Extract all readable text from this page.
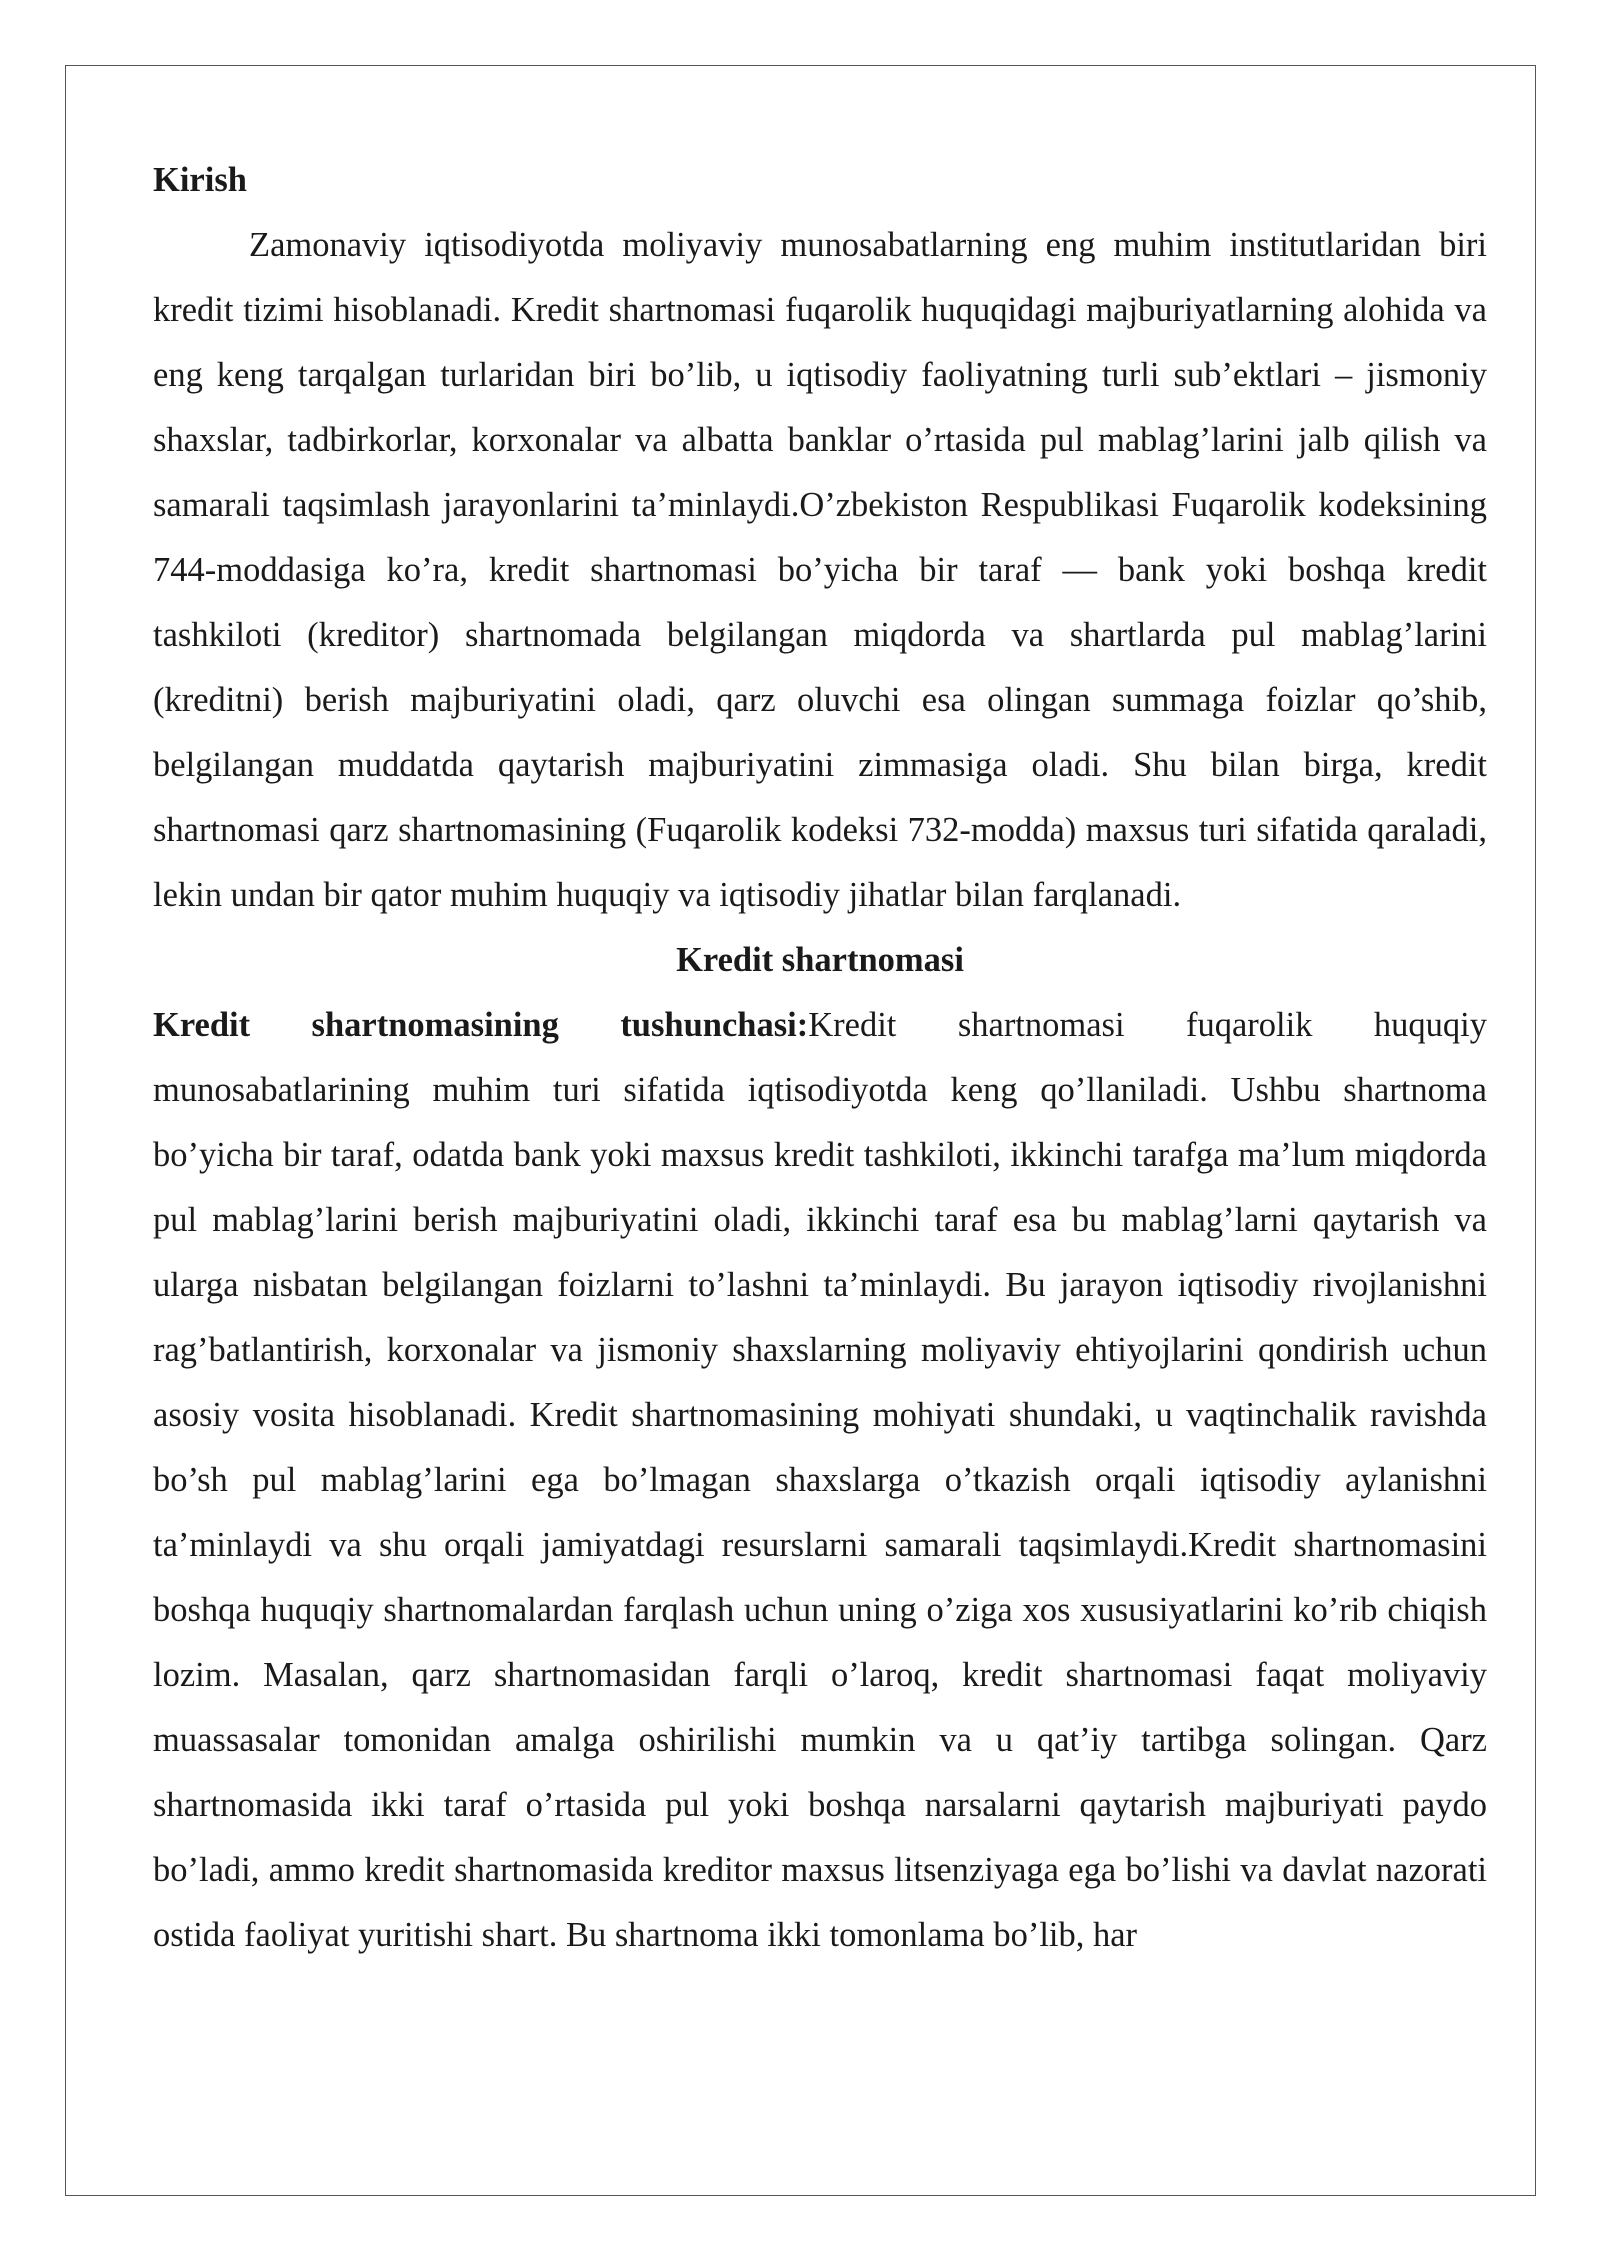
Kirish

Zamonaviy iqtisodiyotda moliyaviy munosabatlarning eng muhim institutlaridan biri kredit tizimi hisoblanadi. Kredit shartnomasi fuqarolik huquqidagi majburiyatlarning alohida va eng keng tarqalgan turlaridan biri bo’lib, u iqtisodiy faoliyatning turli sub’ektlari – jismoniy shaxslar, tadbirkorlar, korxonalar va albatta banklar o’rtasida pul mablag’larini jalb qilish va samarali taqsimlash jarayonlarini ta’minlaydi.O’zbekiston Respublikasi Fuqarolik kodeksining 744-moddasiga ko’ra, kredit shartnomasi bo’yicha bir taraf — bank yoki boshqa kredit tashkiloti (kreditor) shartnomada belgilangan miqdorda va shartlarda pul mablag’larini (kreditni) berish majburiyatini oladi, qarz oluvchi esa olingan summaga foizlar qo’shib, belgilangan muddatda qaytarish majburiyatini zimmasiga oladi. Shu bilan birga, kredit shartnomasi qarz shartnomasining (Fuqarolik kodeksi 732-modda) maxsus turi sifatida qaraladi, lekin undan bir qator muhim huquqiy va iqtisodiy jihatlar bilan farqlanadi.

Kredit shartnomasi

Kredit shartnomasining tushunchasi:Kredit shartnomasi fuqarolik huquqiy munosabatlarining muhim turi sifatida iqtisodiyotda keng qo’llaniladi. Ushbu shartnoma bo’yicha bir taraf, odatda bank yoki maxsus kredit tashkiloti, ikkinchi tarafga ma’lum miqdorda pul mablag’larini berish majburiyatini oladi, ikkinchi taraf esa bu mablag’larni qaytarish va ularga nisbatan belgilangan foizlarni to’lashni ta’minlaydi. Bu jarayon iqtisodiy rivojlanishni rag’batlantirish, korxonalar va jismoniy shaxslarning moliyaviy ehtiyojlarini qondirish uchun asosiy vosita hisoblanadi. Kredit shartnomasining mohiyati shundaki, u vaqtinchalik ravishda bo’sh pul mablag’larini ega bo’lmagan shaxslarga o’tkazish orqali iqtisodiy aylanishni ta’minlaydi va shu orqali jamiyatdagi resurslarni samarali taqsimlaydi.Kredit shartnomasini boshqa huquqiy shartnomalardan farqlash uchun uning o’ziga xos xususiyatlarini ko’rib chiqish lozim. Masalan, qarz shartnomasidan farqli o’laroq, kredit shartnomasi faqat moliyaviy muassasalar tomonidan amalga oshirilishi mumkin va u qat’iy tartibga solingan. Qarz shartnomasida ikki taraf o’rtasida pul yoki boshqa narsalarni qaytarish majburiyati paydo bo’ladi, ammo kredit shartnomasida kreditor maxsus litsenziyaga ega bo’lishi va davlat nazorati ostida faoliyat yuritishi shart. Bu shartnoma ikki tomonlama bo’lib, har
